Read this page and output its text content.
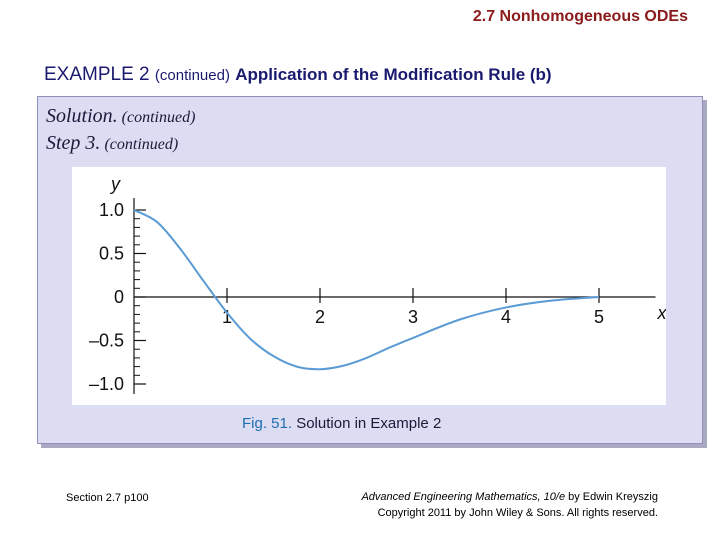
2.7 Nonhomogeneous ODEs
EXAMPLE 2 (continued) Application of the Modification Rule (b)
Solution. (continued)
Step 3. (continued)
1.0
0.5
0
–0.5
–1.0
1	2	3	4	5	x
y
Fig. 51. Solution in Example 2
Section 2.7 p100	Advanced Engineering Mathematics, 10/e by Edwin Kreyszig
Copyright 2011 by John Wiley & Sons. All rights reserved.
